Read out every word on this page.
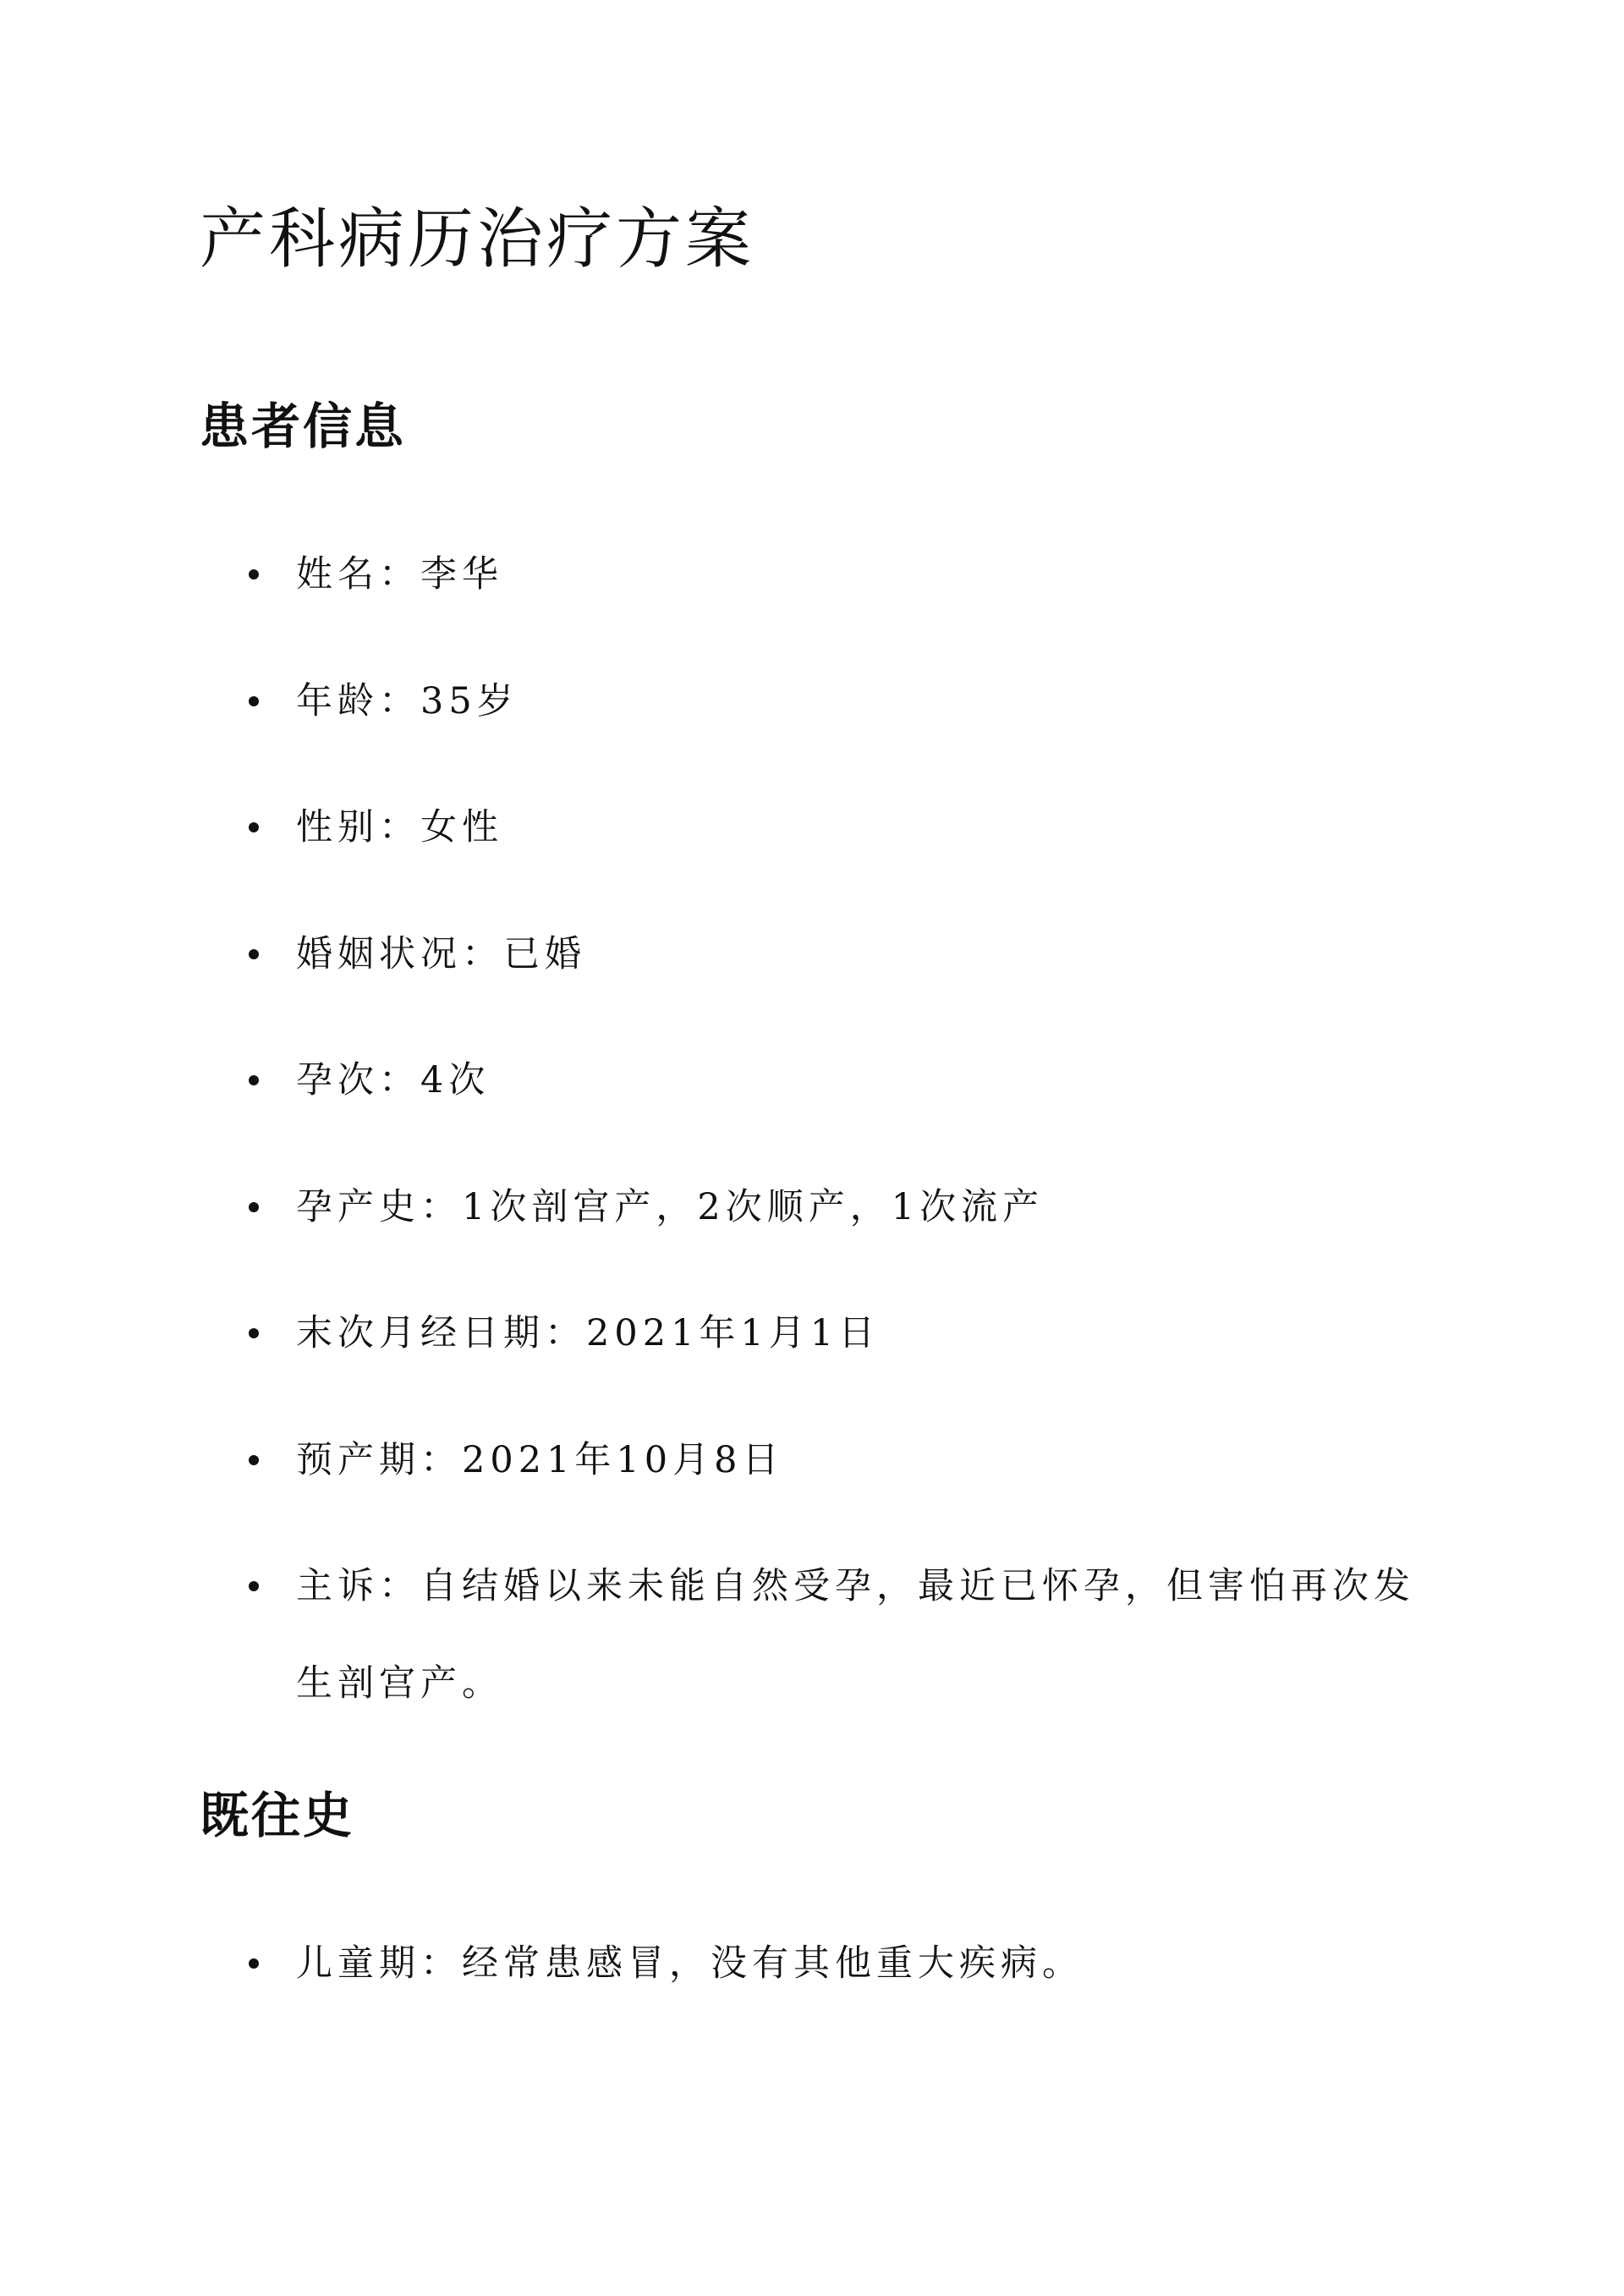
产科病历治疗方案
患者信息
姓名：李华
年龄：35岁
性别：女性
婚姻状况：已婚
孕次：4次
孕产史：1次剖宫产，2次顺产，1次流产
末次月经日期：2021年1月1日
预产期：2021年10月8日
主诉：自结婚以来未能自然受孕，最近已怀孕，但害怕再次发生剖宫产。
既往史
儿童期：经常患感冒，没有其他重大疾病。
